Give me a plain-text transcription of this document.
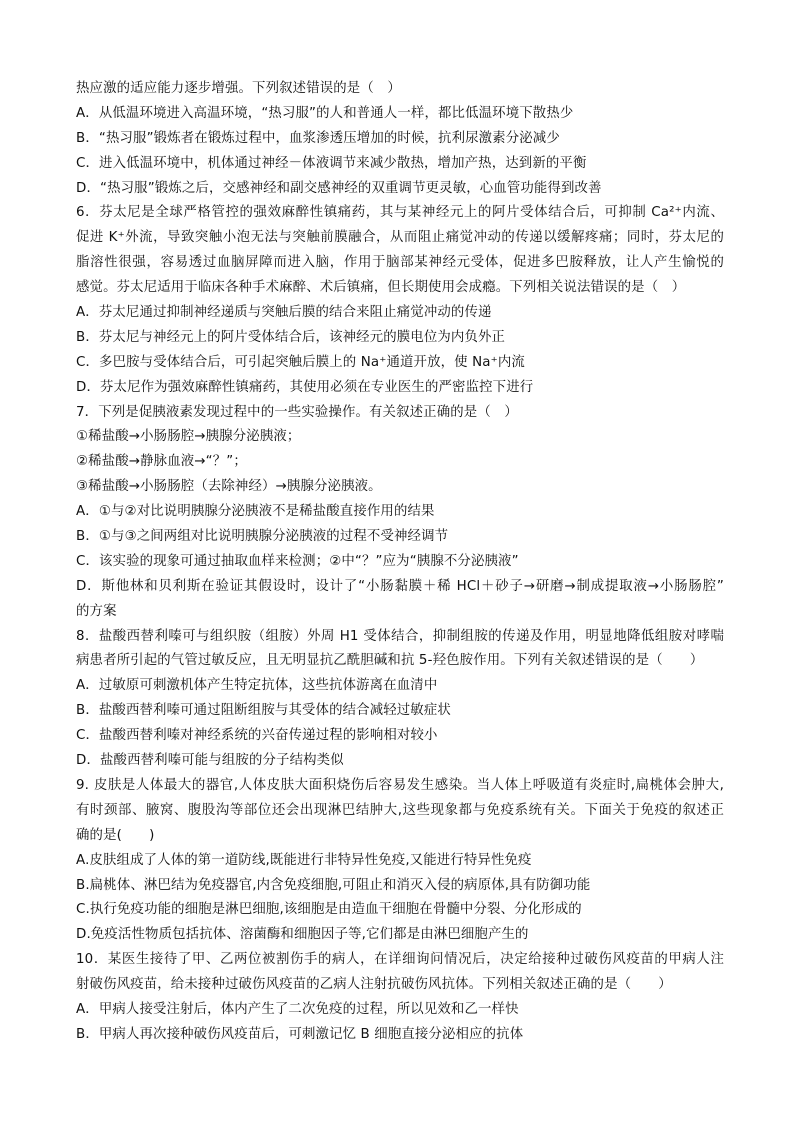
热应激的适应能力逐步增强。下列叙述错误的是（　）
A．从低温环境进入高温环境，“热习服”的人和普通人一样，都比低温环境下散热少
B．“热习服”锻炼者在锻炼过程中，血浆渗透压增加的时候，抗利尿激素分泌减少
C．进入低温环境中，机体通过神经－体液调节来减少散热，增加产热，达到新的平衡
D．“热习服”锻炼之后，交感神经和副交感神经的双重调节更灵敏，心血管功能得到改善
6．芬太尼是全球严格管控的强效麻醉性镇痛药，其与某神经元上的阿片受体结合后，可抑制 Ca²⁺内流、
促进 K⁺外流，导致突触小泡无法与突触前膜融合，从而阻止痛觉冲动的传递以缓解疼痛；同时，芬太尼的
脂溶性很强，容易透过血脑屏障而进入脑，作用于脑部某神经元受体，促进多巴胺释放，让人产生愉悦的
感觉。芬太尼适用于临床各种手术麻醉、术后镇痛，但长期使用会成瘾。下列相关说法错误的是（　）
A．芬太尼通过抑制神经递质与突触后膜的结合来阻止痛觉冲动的传递
B．芬太尼与神经元上的阿片受体结合后，该神经元的膜电位为内负外正
C．多巴胺与受体结合后，可引起突触后膜上的 Na⁺通道开放，使 Na⁺内流
D．芬太尼作为强效麻醉性镇痛药，其使用必须在专业医生的严密监控下进行
7．下列是促胰液素发现过程中的一些实验操作。有关叙述正确的是（　）
①稀盐酸→小肠肠腔→胰腺分泌胰液；
②稀盐酸→静脉血液→“？”；
③稀盐酸→小肠肠腔（去除神经）→胰腺分泌胰液。
A．①与②对比说明胰腺分泌胰液不是稀盐酸直接作用的结果
B．①与③之间两组对比说明胰腺分泌胰液的过程不受神经调节
C．该实验的现象可通过抽取血样来检测；②中“？”应为“胰腺不分泌胰液”
D．斯他林和贝利斯在验证其假设时，设计了“小肠黏膜＋稀 HCl＋砂子→研磨→制成提取液→小肠肠腔”
的方案
8．盐酸西替利嗪可与组织胺（组胺）外周 H1 受体结合，抑制组胺的传递及作用，明显地降低组胺对哮喘
病患者所引起的气管过敏反应，且无明显抗乙酰胆碱和抗 5-羟色胺作用。下列有关叙述错误的是（　　）
A．过敏原可刺激机体产生特定抗体，这些抗体游离在血清中
B．盐酸西替利嗪可通过阻断组胺与其受体的结合减轻过敏症状
C．盐酸西替利嗪对神经系统的兴奋传递过程的影响相对较小
D．盐酸西替利嗪可能与组胺的分子结构类似
9. 皮肤是人体最大的器官,人体皮肤大面积烧伤后容易发生感染。当人体上呼吸道有炎症时,扁桃体会肿大,
有时颈部、腋窝、腹股沟等部位还会出现淋巴结肿大,这些现象都与免疫系统有关。下面关于免疫的叙述正
确的是(　　)
A.皮肤组成了人体的第一道防线,既能进行非特异性免疫,又能进行特异性免疫
B.扁桃体、淋巴结为免疫器官,内含免疫细胞,可阻止和消灭入侵的病原体,具有防御功能
C.执行免疫功能的细胞是淋巴细胞,该细胞是由造血干细胞在骨髓中分裂、分化形成的
D.免疫活性物质包括抗体、溶菌酶和细胞因子等,它们都是由淋巴细胞产生的
10．某医生接待了甲、乙两位被割伤手的病人，在详细询问情况后，决定给接种过破伤风疫苗的甲病人注
射破伤风疫苗，给未接种过破伤风疫苗的乙病人注射抗破伤风抗体。下列相关叙述正确的是（　　）
A．甲病人接受注射后，体内产生了二次免疫的过程，所以见效和乙一样快
B．甲病人再次接种破伤风疫苗后，可刺激记忆 B 细胞直接分泌相应的抗体
